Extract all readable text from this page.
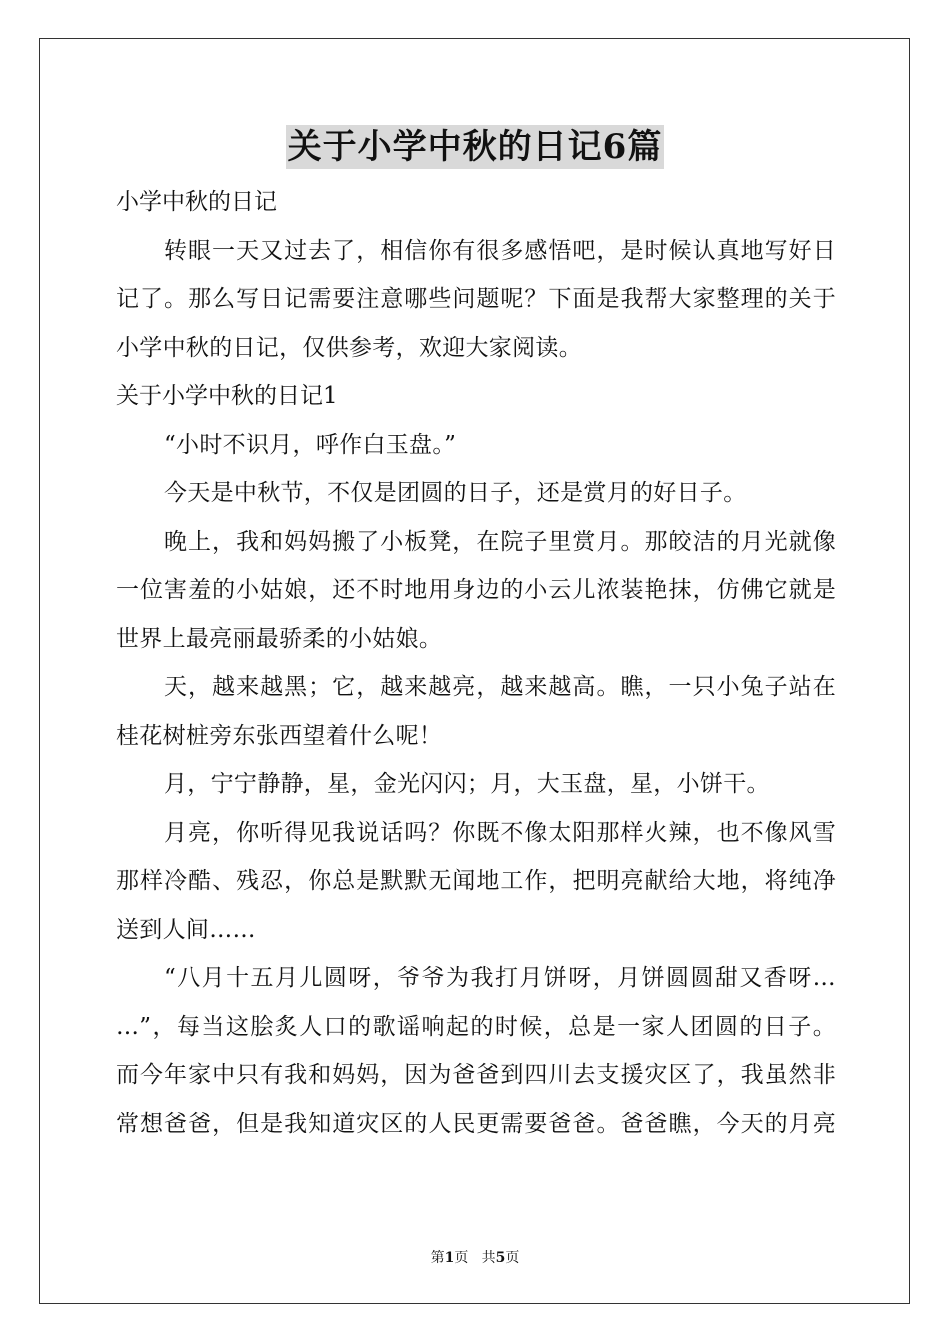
关于小学中秋的日记6篇
小学中秋的日记
转眼一天又过去了，相信你有很多感悟吧，是时候认真地写好日
记了。那么写日记需要注意哪些问题呢？下面是我帮大家整理的关于
小学中秋的日记，仅供参考，欢迎大家阅读。
关于小学中秋的日记1
“小时不识月，呼作白玉盘。”
今天是中秋节，不仅是团圆的日子，还是赏月的好日子。
晚上，我和妈妈搬了小板凳，在院子里赏月。那皎洁的月光就像
一位害羞的小姑娘，还不时地用身边的小云儿浓装艳抹，仿佛它就是
世界上最亮丽最骄柔的小姑娘。
天，越来越黑；它，越来越亮，越来越高。瞧，一只小兔子站在
桂花树桩旁东张西望着什么呢！
月，宁宁静静，星，金光闪闪；月，大玉盘，星，小饼干。
月亮，你听得见我说话吗？你既不像太阳那样火辣，也不像风雪
那样冷酷、残忍，你总是默默无闻地工作，把明亮献给大地，将纯净
送到人间……
“八月十五月儿圆呀，爷爷为我打月饼呀，月饼圆圆甜又香呀…
…”，每当这脍炙人口的歌谣响起的时候，总是一家人团圆的日子。
而今年家中只有我和妈妈，因为爸爸到四川去支援灾区了，我虽然非
常想爸爸，但是我知道灾区的人民更需要爸爸。爸爸瞧，今天的月亮
第1页 共5页
